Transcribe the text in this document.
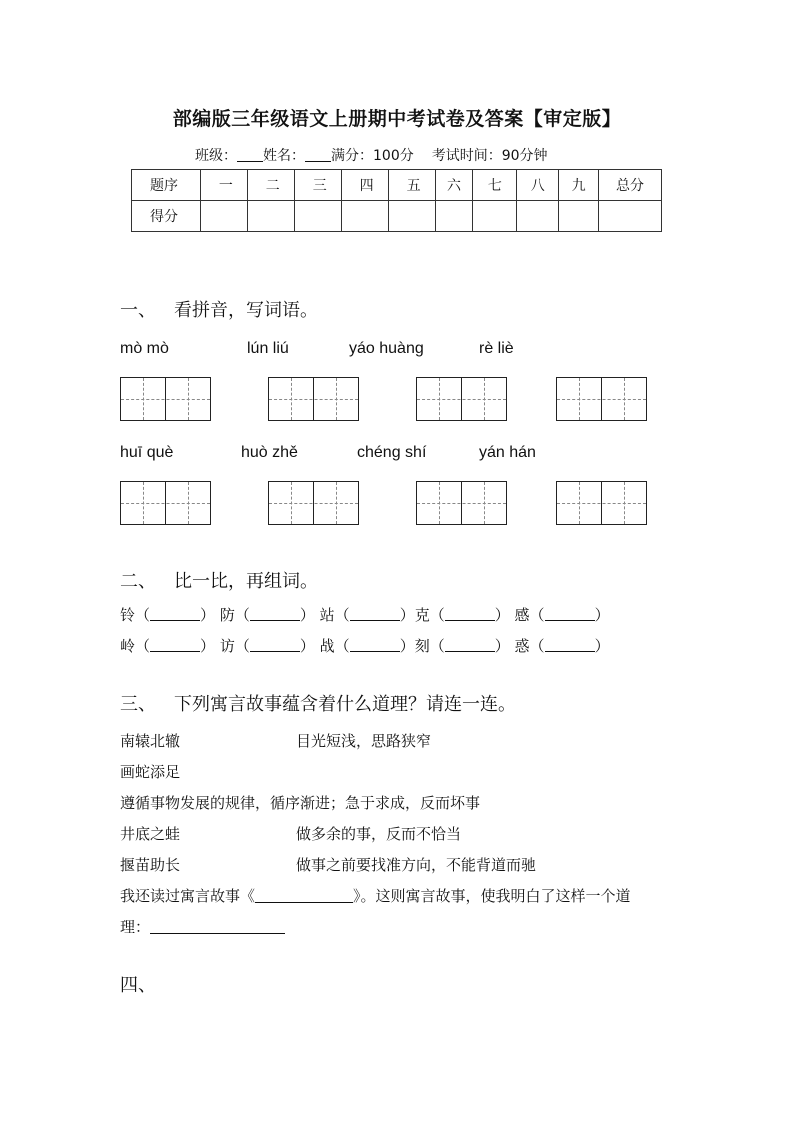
部编版三年级语文上册期中考试卷及答案【审定版】
班级： 姓名： 满分：100分 考试时间：90分钟
题序	一	二	三	四	五	六	七	八	九	总分
得分										
一、 看拼音，写词语。
mò mò	lún liú	yáo huàng	rè liè
huī què	huò zhě	chéng shí	yán hán
二、 比一比，再组词。
铃（	） 防（	） 站（	）克（	） 感（	）
岭（	） 访（	） 战（	）刻（	） 惑（	）
三、 下列寓言故事蕴含着什么道理？请连一连。
南辕北辙	目光短浅，思路狭窄
画蛇添足
遵循事物发展的规律，循序渐进；急于求成，反而坏事
井底之蛙	做多余的事，反而不恰当
揠苗助长	做事之前要找准方向，不能背道而驰
我还读过寓言故事《	》。这则寓言故事，使我明白了这样一个道
理：
四、
